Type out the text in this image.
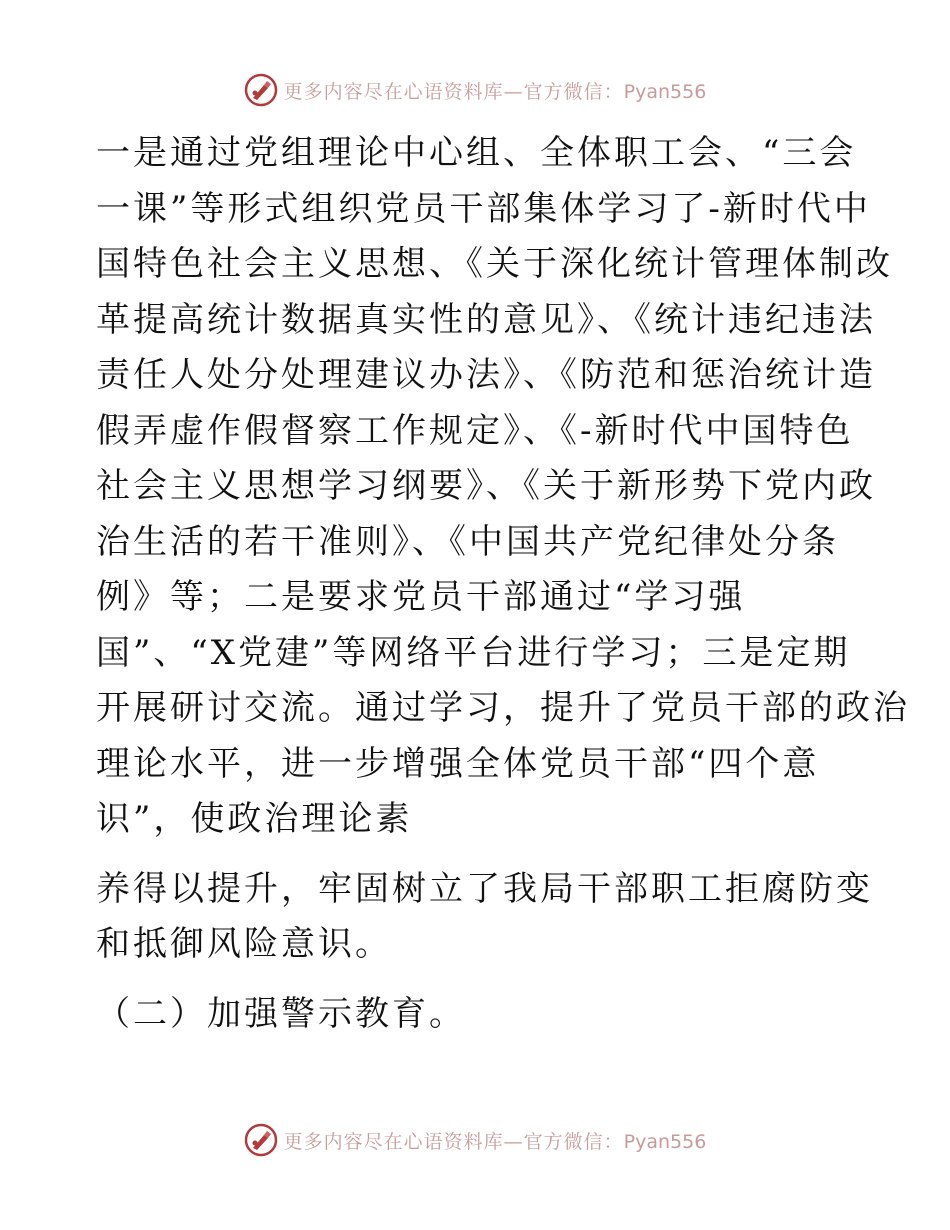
更多内容尽在心语资料库—官方微信：Pyan556

一是通过党组理论中心组、全体职工会、“三会
一课”等形式组织党员干部集体学习了-新时代中
国特色社会主义思想、《关于深化统计管理体制改
革提高统计数据真实性的意见》、《统计违纪违法
责任人处分处理建议办法》、《防范和惩治统计造
假弄虚作假督察工作规定》、《-新时代中国特色
社会主义思想学习纲要》、《关于新形势下党内政
治生活的若干准则》、《中国共产党纪律处分条
例》等；二是要求党员干部通过“学习强
国”、“X党建”等网络平台进行学习；三是定期
开展研讨交流。通过学习，提升了党员干部的政治
理论水平，进一步增强全体党员干部“四个意
识”，使政治理论素

养得以提升，牢固树立了我局干部职工拒腐防变
和抵御风险意识。

（二）加强警示教育。

更多内容尽在心语资料库—官方微信：Pyan556
